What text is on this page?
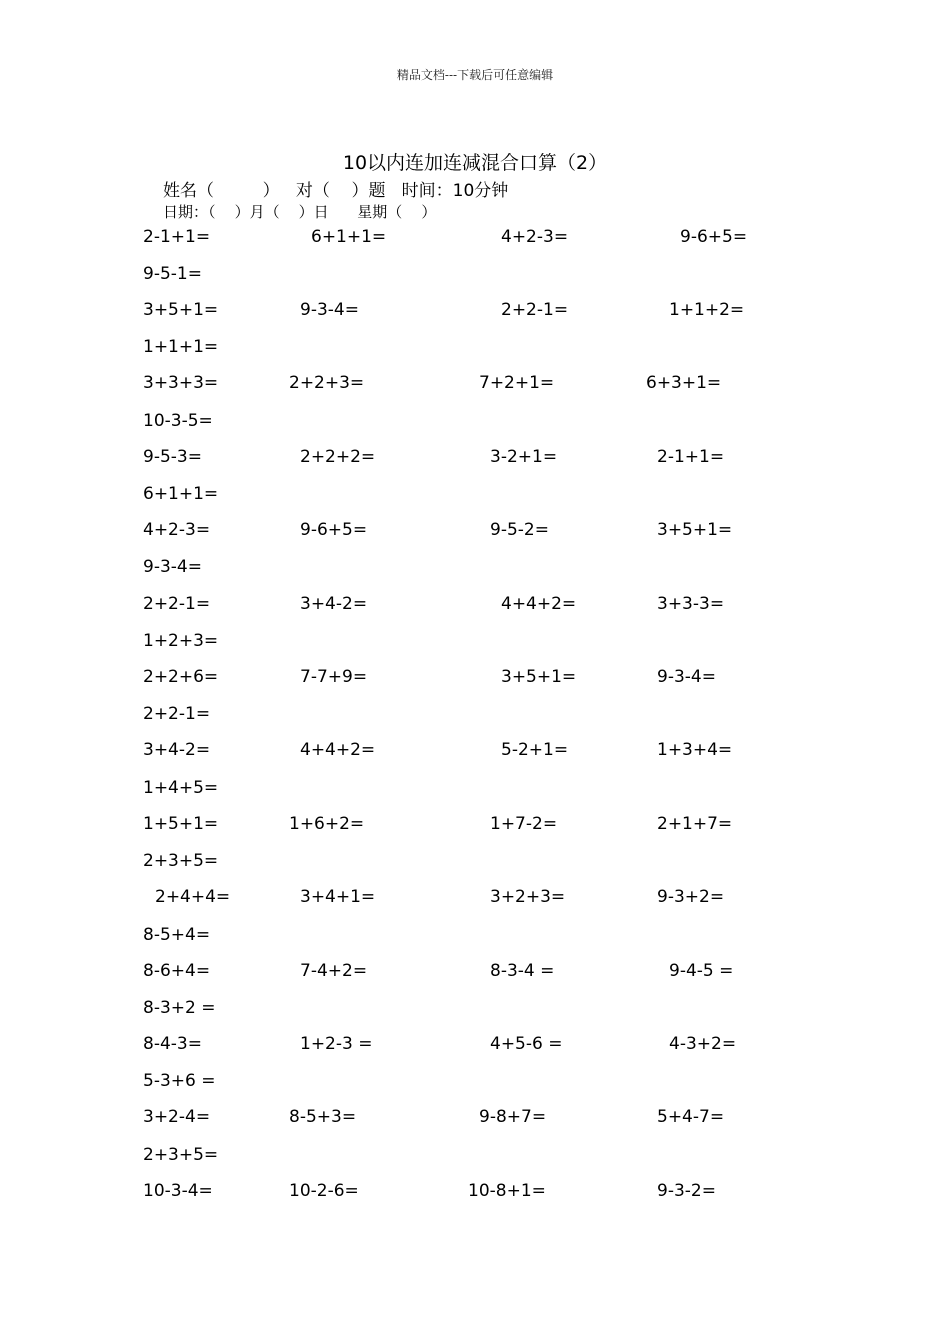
精品文档---下载后可任意编辑
10以内连加连减混合口算（2）
姓名（         ）   对（    ）题   时间：10分钟
日期：（    ）月（    ）日      星期（    ）
2-1+1=	6+1+1=	4+2-3=	9-6+5=
9-5-1=
3+5+1=	9-3-4=	2+2-1=	1+1+2=
1+1+1=
3+3+3=	2+2+3=	7+2+1=	6+3+1=
10-3-5=
9-5-3=	2+2+2=	3-2+1=	2-1+1=
6+1+1=
4+2-3=	9-6+5=	9-5-2=	3+5+1=
9-3-4=
2+2-1=	3+4-2=	4+4+2=	3+3-3=
1+2+3=
2+2+6=	7-7+9=	3+5+1=	9-3-4=
2+2-1=
3+4-2=	4+4+2=	5-2+1=	1+3+4=
1+4+5=
1+5+1=	1+6+2=	1+7-2=	2+1+7=
2+3+5=
2+4+4=	3+4+1=	3+2+3=	9-3+2=
8-5+4=
8-6+4=	7-4+2=	8-3-4 =	9-4-5 =
8-3+2 =
8-4-3=	1+2-3 =	4+5-6 =	4-3+2=
5-3+6 =
3+2-4=	8-5+3=	9-8+7=	5+4-7=
2+3+5=
10-3-4=	10-2-6=	10-8+1=	9-3-2=
